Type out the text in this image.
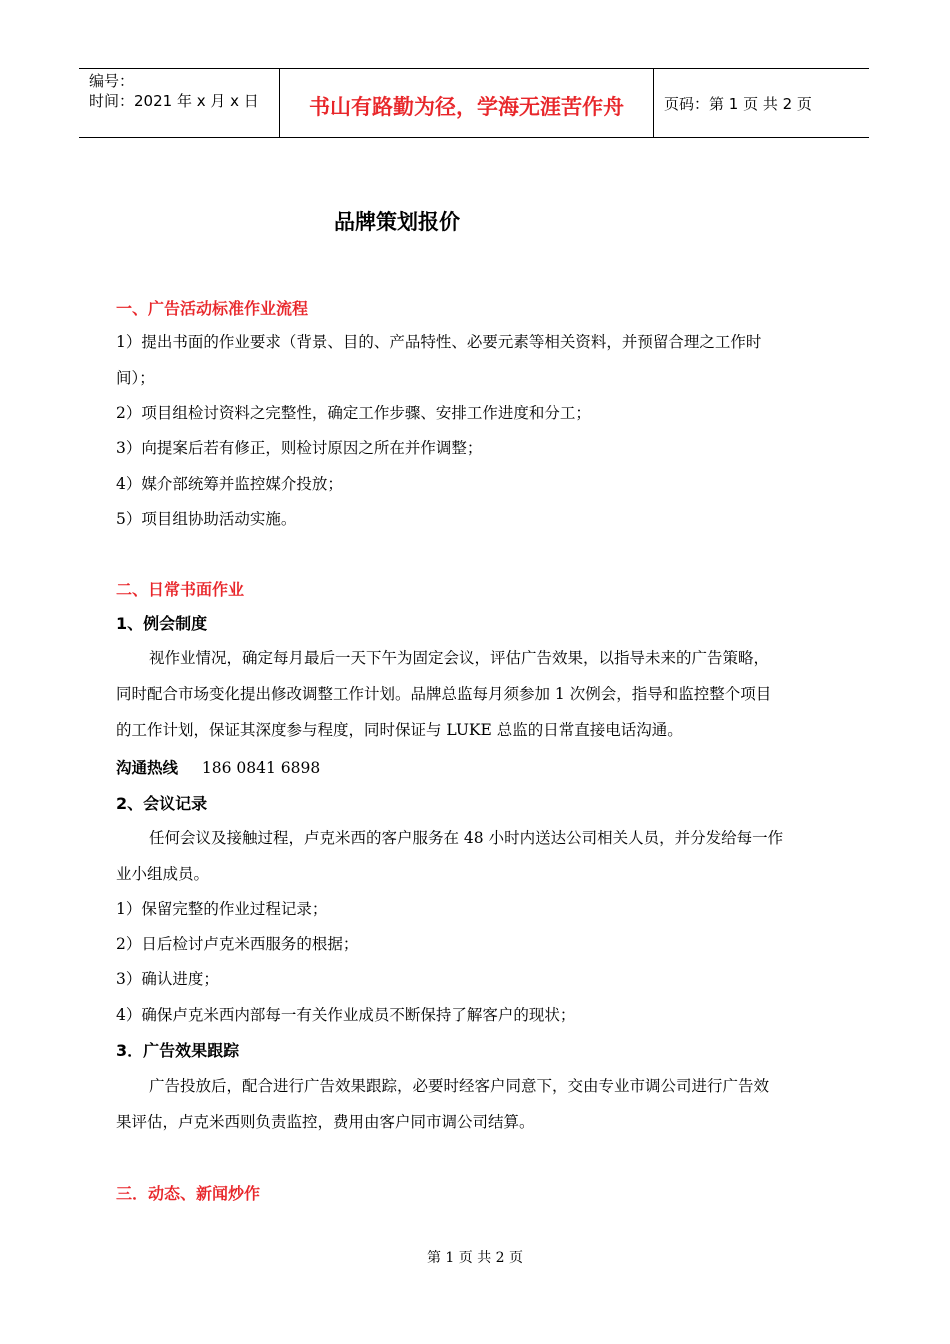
编号：
时间：2021 年 x 月 x 日	书山有路勤为径，学海无涯苦作舟	页码：第 1 页 共 2 页
品牌策划报价
一、广告活动标准作业流程
1）提出书面的作业要求（背景、目的、产品特性、必要元素等相关资料，并预留合理之工作时
间）；
2）项目组检讨资料之完整性，确定工作步骤、安排工作进度和分工；
3）向提案后若有修正，则检讨原因之所在并作调整；
4）媒介部统筹并监控媒介投放；
5）项目组协助活动实施。
二、日常书面作业
1、例会制度
视作业情况，确定每月最后一天下午为固定会议，评估广告效果，以指导未来的广告策略，
同时配合市场变化提出修改调整工作计划。品牌总监每月须参加 1 次例会，指导和监控整个项目
的工作计划，保证其深度参与程度，同时保证与 LUKE 总监的日常直接电话沟通。
沟通热线 186 0841 6898
2、会议记录
任何会议及接触过程，卢克米西的客户服务在 48 小时内送达公司相关人员，并分发给每一作
业小组成员。
1）保留完整的作业过程记录；
2）日后检讨卢克米西服务的根据；
3）确认进度；
4）确保卢克米西内部每一有关作业成员不断保持了解客户的现状；
3．广告效果跟踪
广告投放后，配合进行广告效果跟踪，必要时经客户同意下，交由专业市调公司进行广告效
果评估，卢克米西则负责监控，费用由客户同市调公司结算。
三．动态、新闻炒作
第 1 页 共 2 页
